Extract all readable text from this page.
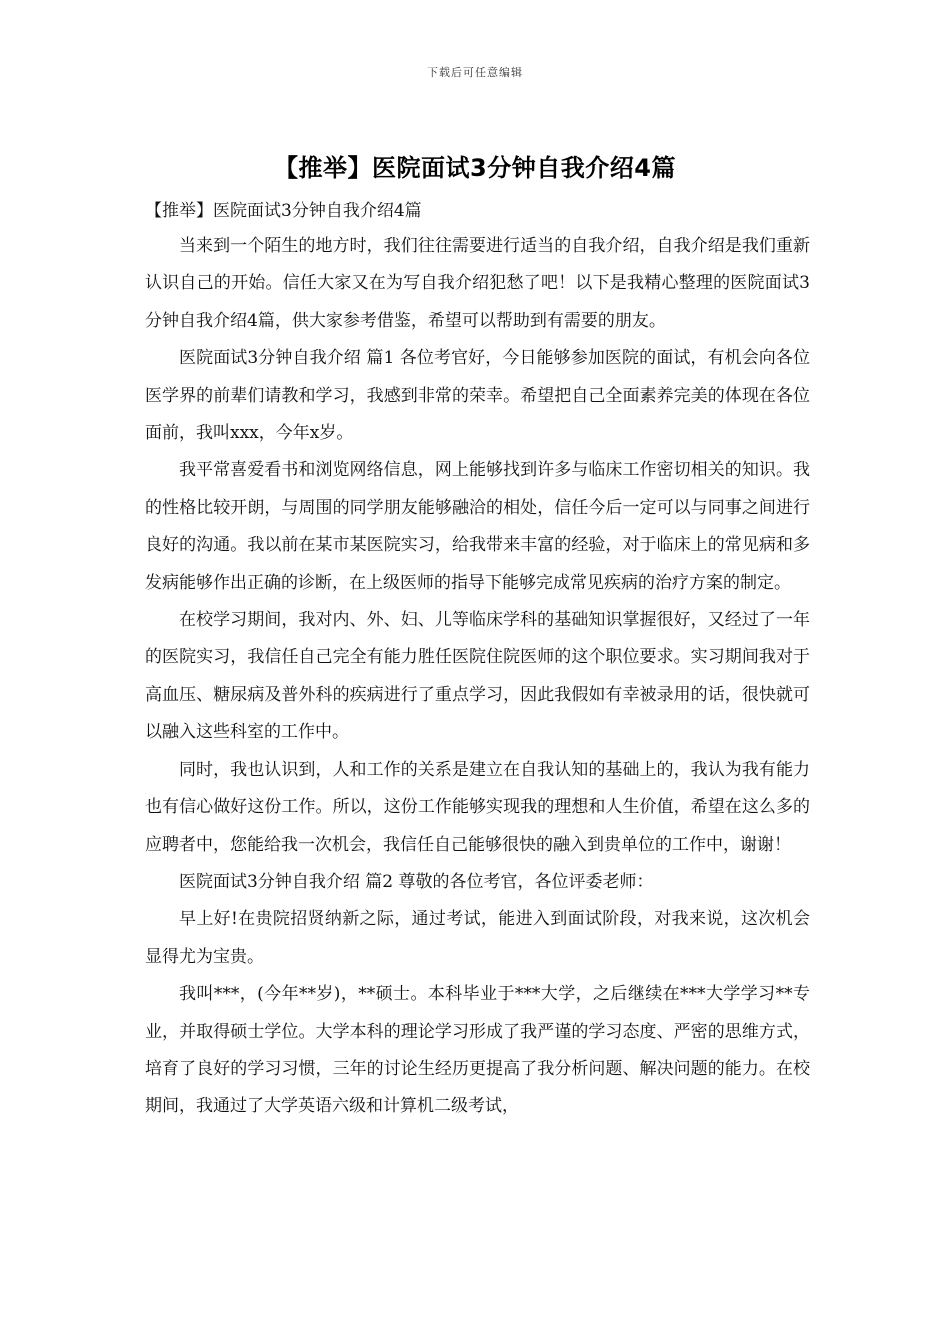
下载后可任意编辑
【推举】医院面试3分钟自我介绍4篇

【推举】医院面试3分钟自我介绍4篇

当来到一个陌生的地方时，我们往往需要进行适当的自我介绍，自我介绍是我们重新认识自己的开始。信任大家又在为写自我介绍犯愁了吧！以下是我精心整理的医院面试3分钟自我介绍4篇，供大家参考借鉴，希望可以帮助到有需要的朋友。

医院面试3分钟自我介绍 篇1 各位考官好，今日能够参加医院的面试，有机会向各位医学界的前辈们请教和学习，我感到非常的荣幸。希望把自己全面素养完美的体现在各位面前，我叫xxx，今年x岁。

我平常喜爱看书和浏览网络信息，网上能够找到许多与临床工作密切相关的知识。我的性格比较开朗，与周围的同学朋友能够融洽的相处，信任今后一定可以与同事之间进行良好的沟通。我以前在某市某医院实习，给我带来丰富的经验，对于临床上的常见病和多发病能够作出正确的诊断，在上级医师的指导下能够完成常见疾病的治疗方案的制定。

在校学习期间，我对内、外、妇、儿等临床学科的基础知识掌握很好，又经过了一年的医院实习，我信任自己完全有能力胜任医院住院医师的这个职位要求。实习期间我对于高血压、糖尿病及普外科的疾病进行了重点学习，因此我假如有幸被录用的话，很快就可以融入这些科室的工作中。

同时，我也认识到，人和工作的关系是建立在自我认知的基础上的，我认为我有能力也有信心做好这份工作。所以，这份工作能够实现我的理想和人生价值，希望在这么多的应聘者中，您能给我一次机会，我信任自己能够很快的融入到贵单位的工作中，谢谢！

医院面试3分钟自我介绍 篇2 尊敬的各位考官，各位评委老师：

早上好!在贵院招贤纳新之际，通过考试，能进入到面试阶段，对我来说，这次机会显得尤为宝贵。

我叫***，(今年**岁)，**硕士。本科毕业于***大学，之后继续在***大学学习**专业，并取得硕士学位。大学本科的理论学习形成了我严谨的学习态度、严密的思维方式，培育了良好的学习习惯，三年的讨论生经历更提高了我分析问题、解决问题的能力。在校期间，我通过了大学英语六级和计算机二级考试，
